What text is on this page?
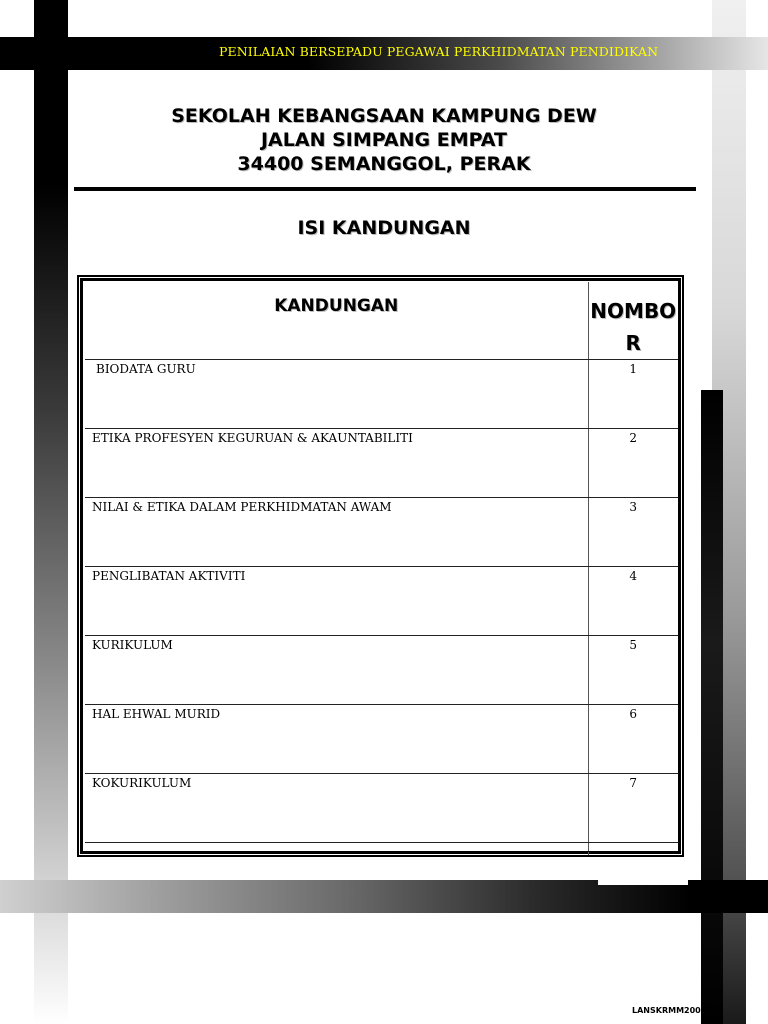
PENILAIAN BERSEPADU PEGAWAI PERKHIDMATAN PENDIDIKAN
SEKOLAH KEBANGSAAN KAMPUNG DEW
JALAN SIMPANG EMPAT
34400 SEMANGGOL, PERAK
ISI KANDUNGAN
KANDUNGAN	NOMBOR
BIODATA GURU	1
ETIKA PROFESYEN KEGURUAN & AKAUNTABILITI	2
NILAI & ETIKA DALAM PERKHIDMATAN AWAM	3
PENGLIBATAN AKTIVITI	4
KURIKULUM	5
HAL EHWAL MURID	6
KOKURIKULUM	7

LANSKRMM2006
